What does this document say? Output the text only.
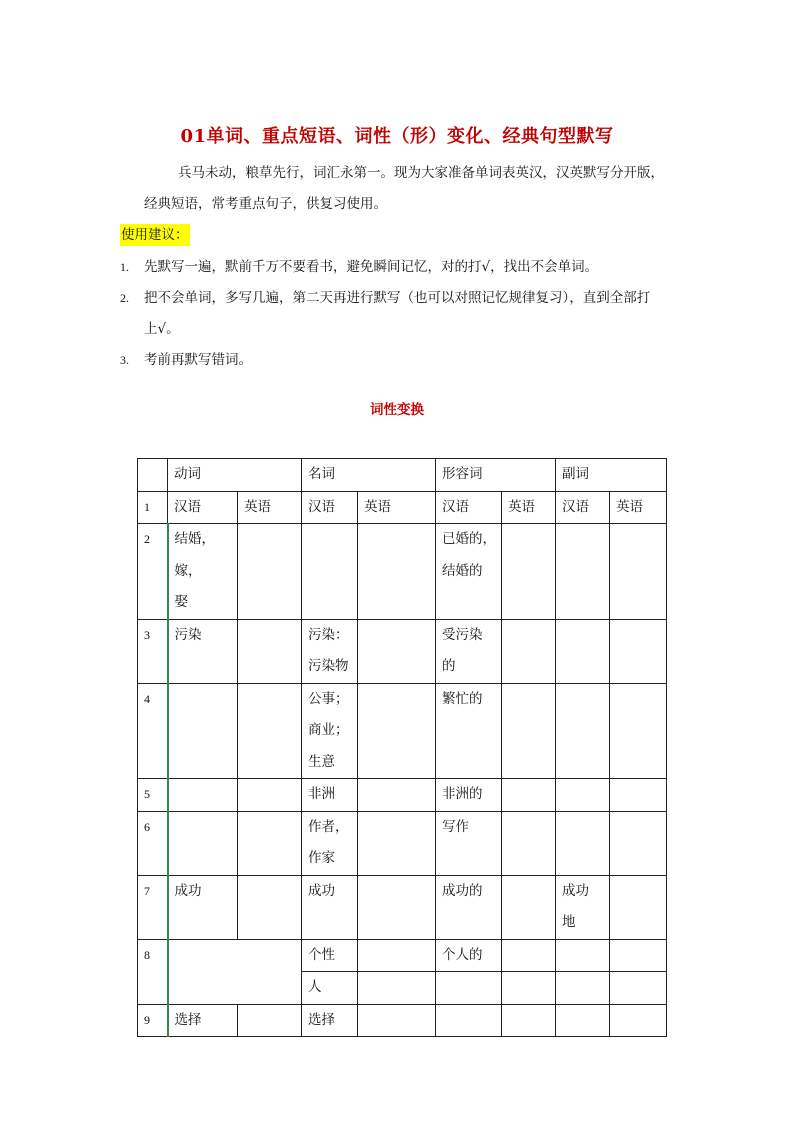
01单词、重点短语、词性（形）变化、经典句型默写
兵马未动，粮草先行，词汇永第一。现为大家准备单词表英汉，汉英默写分开版，
经典短语，常考重点句子，供复习使用。
使用建议：
1.	先默写一遍，默前千万不要看书，避免瞬间记忆，对的打√，找出不会单词。
2.	把不会单词，多写几遍，第二天再进行默写（也可以对照记忆规律复习），直到全部打
上√。
3.	考前再默写错词。
词性变换
	动词		名词		形容词		副词	
1	汉语	英语	汉语	英语	汉语	英语	汉语	英语
2	结婚，嫁，
娶				已婚的，
结婚的			
3	污染		污染：
污染物		受污染
的			
4			公事；
商业；
生意		繁忙的			
5			非洲		非洲的			
6			作者，
作家		写作			
7	成功		成功		成功的		成功
地	
8			个性		个人的			
			人					
9	选择		选择					
